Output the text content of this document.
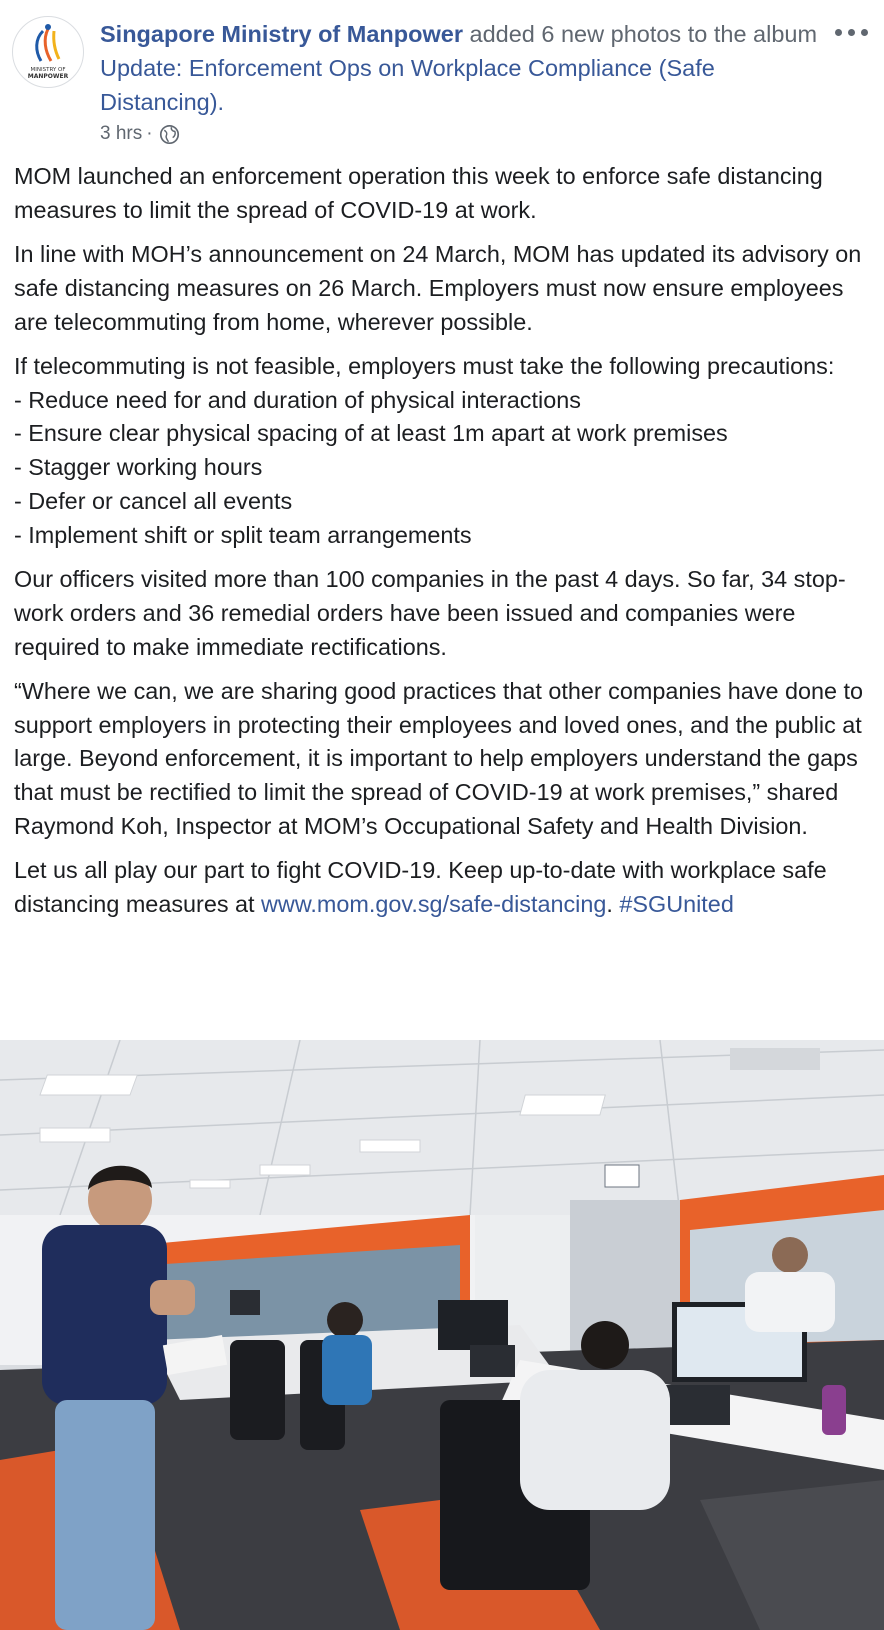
MINISTRY OF
MANPOWER
Singapore Ministry of Manpower added 6 new photos to the album Update: Enforcement Ops on Workplace Compliance (Safe Distancing).
3 hrs ·

MOM launched an enforcement operation this week to enforce safe distancing measures to limit the spread of COVID-19 at work.

In line with MOH’s announcement on 24 March, MOM has updated its advisory on safe distancing measures on 26 March. Employers must now ensure employees are telecommuting from home, wherever possible.

If telecommuting is not feasible, employers must take the following precautions:
- Reduce need for and duration of physical interactions
- Ensure clear physical spacing of at least 1m apart at work premises
- Stagger working hours
- Defer or cancel all events
- Implement shift or split team arrangements

Our officers visited more than 100 companies in the past 4 days. So far, 34 stop-work orders and 36 remedial orders have been issued and companies were required to make immediate rectifications.

“Where we can, we are sharing good practices that other companies have done to support employers in protecting their employees and loved ones, and the public at large. Beyond enforcement, it is important to help employers understand the gaps that must be rectified to limit the spread of COVID-19 at work premises,” shared Raymond Koh, Inspector at MOM’s Occupational Safety and Health Division.

Let us all play our part to fight COVID-19. Keep up-to-date with workplace safe distancing measures at www.mom.gov.sg/safe-distancing. #SGUnited
